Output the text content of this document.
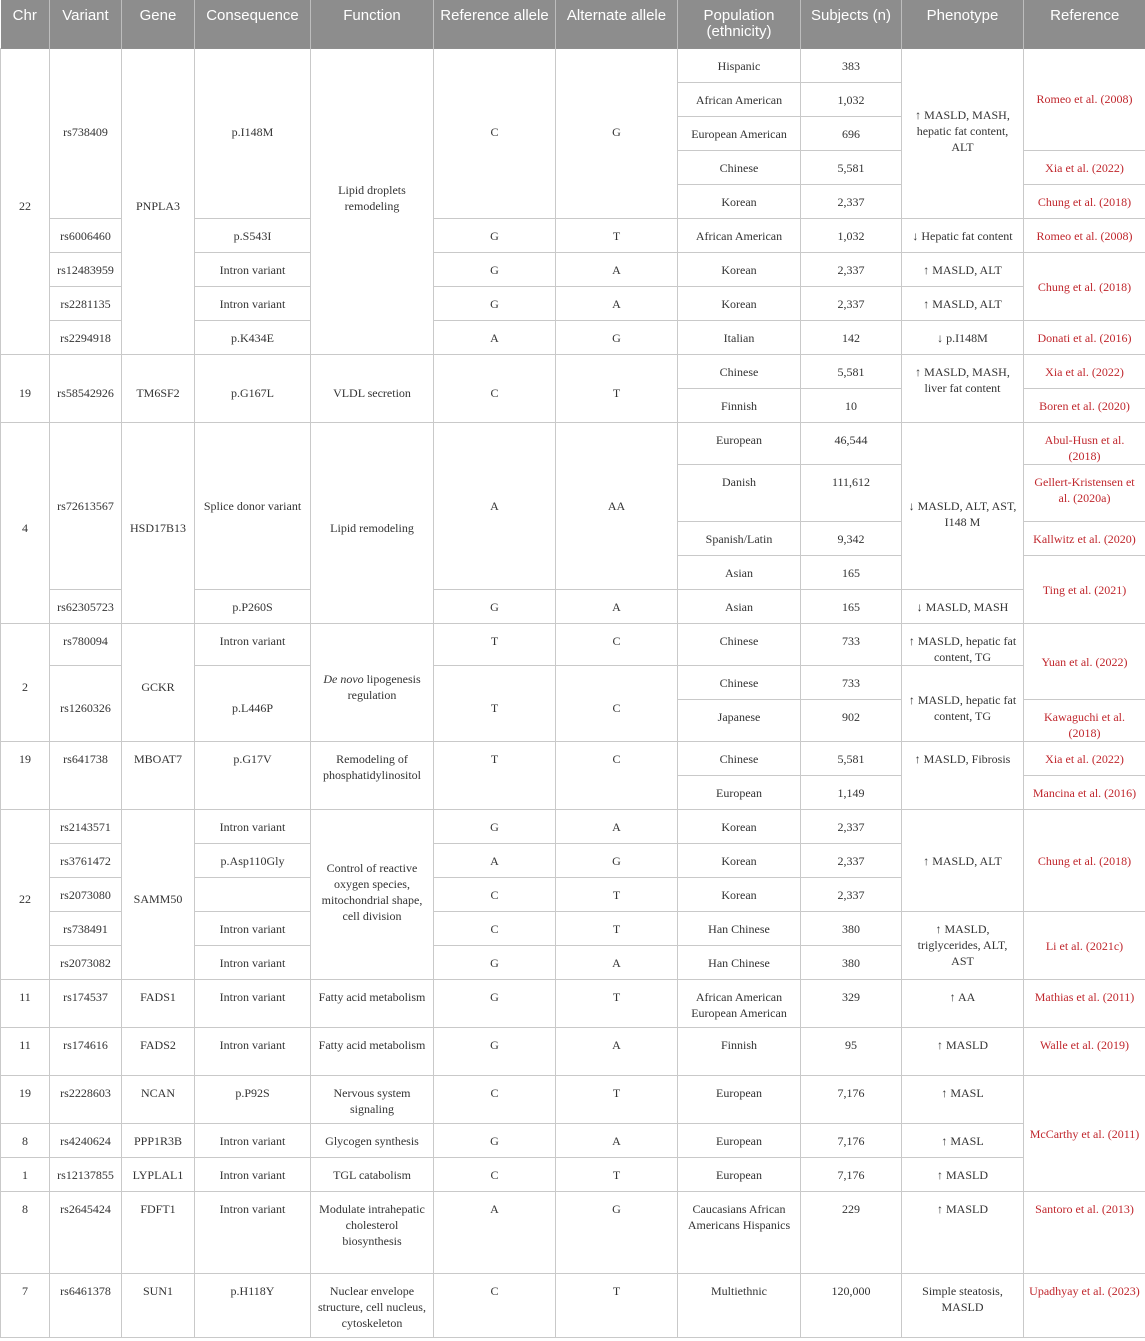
Chr	Variant	Gene	Consequence	Function	Reference allele	Alternate allele	Population (ethnicity)	Subjects (n)	Phenotype	Reference
22	rs738409	PNPLA3	p.I148M	Lipid droplets remodeling	C	G	Hispanic	383	↑ MASLD, MASH, hepatic fat content, ALT	Romeo et al. (2008)
							African American	1,032		
							European American	696		
							Chinese	5,581		Xia et al. (2022)
							Korean	2,337		Chung et al. (2018)
	rs6006460		p.S543I		G	T	African American	1,032	↓ Hepatic fat content	Romeo et al. (2008)
	rs12483959		Intron variant		G	A	Korean	2,337	↑ MASLD, ALT	Chung et al. (2018)
	rs2281135		Intron variant		G	A	Korean	2,337	↑ MASLD, ALT	
	rs2294918		p.K434E		A	G	Italian	142	↓ p.I148M	Donati et al. (2016)
19	rs58542926	TM6SF2	p.G167L	VLDL secretion	C	T	Chinese	5,581	↑ MASLD, MASH, liver fat content	Xia et al. (2022)
							Finnish	10		Boren et al. (2020)
4	rs72613567	HSD17B13	Splice donor variant	Lipid remodeling	A	AA	European	46,544	↓ MASLD, ALT, AST, I148 M	Abul-Husn et al. (2018)
							Danish	111,612		Gellert-Kristensen et al. (2020a)
							Spanish/Latin	9,342		Kallwitz et al. (2020)
							Asian	165		Ting et al. (2021)
	rs62305723		p.P260S		G	A	Asian	165	↓ MASLD, MASH	
2	rs780094	GCKR	Intron variant	De novo lipogenesis regulation	T	C	Chinese	733	↑ MASLD, hepatic fat content, TG	Yuan et al. (2022)
	rs1260326		p.L446P		T	C	Chinese	733	↑ MASLD, hepatic fat content, TG	
							Japanese	902		Kawaguchi et al. (2018)
19	rs641738	MBOAT7	p.G17V	Remodeling of phosphatidylinositol	T	C	Chinese	5,581	↑ MASLD, Fibrosis	Xia et al. (2022)
							European	1,149		Mancina et al. (2016)
22	rs2143571	SAMM50	Intron variant	Control of reactive oxygen species, mitochondrial shape, cell division	G	A	Korean	2,337	↑ MASLD, ALT	Chung et al. (2018)
	rs3761472		p.Asp110Gly		A	G	Korean	2,337		
	rs2073080				C	T	Korean	2,337		
	rs738491		Intron variant		C	T	Han Chinese	380	↑ MASLD, triglycerides, ALT, AST	Li et al. (2021c)
	rs2073082		Intron variant		G	A	Han Chinese	380		
11	rs174537	FADS1	Intron variant	Fatty acid metabolism	G	T	African American European American	329	↑ AA	Mathias et al. (2011)
11	rs174616	FADS2	Intron variant	Fatty acid metabolism	G	A	Finnish	95	↑ MASLD	Walle et al. (2019)
19	rs2228603	NCAN	p.P92S	Nervous system signaling	C	T	European	7,176	↑ MASL	McCarthy et al. (2011)
8	rs4240624	PPP1R3B	Intron variant	Glycogen synthesis	G	A	European	7,176	↑ MASL	
1	rs12137855	LYPLAL1	Intron variant	TGL catabolism	C	T	European	7,176	↑ MASLD	
8	rs2645424	FDFT1	Intron variant	Modulate intrahepatic cholesterol biosynthesis	A	G	Caucasians African Americans Hispanics	229	↑ MASLD	Santoro et al. (2013)
7	rs6461378	SUN1	p.H118Y	Nuclear envelope structure, cell nucleus, cytoskeleton	C	T	Multiethnic	120,000	Simple steatosis, MASLD	Upadhyay et al. (2023)
